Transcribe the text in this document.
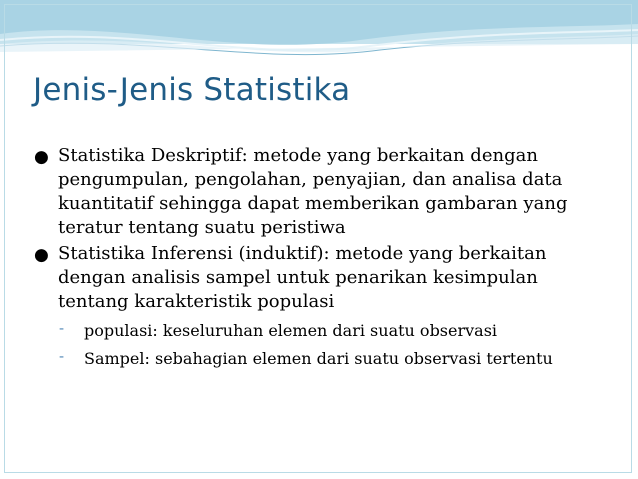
Jenis-Jenis Statistika
● Statistika Deskriptif: metode yang berkaitan dengan pengumpulan, pengolahan, penyajian, dan analisa data kuantitatif sehingga dapat memberikan gambaran yang teratur tentang suatu peristiwa
● Statistika Inferensi (induktif): metode yang berkaitan dengan analisis sampel untuk penarikan kesimpulan tentang karakteristik populasi
- populasi: keseluruhan elemen dari suatu observasi
- Sampel: sebahagian elemen dari suatu observasi tertentu
